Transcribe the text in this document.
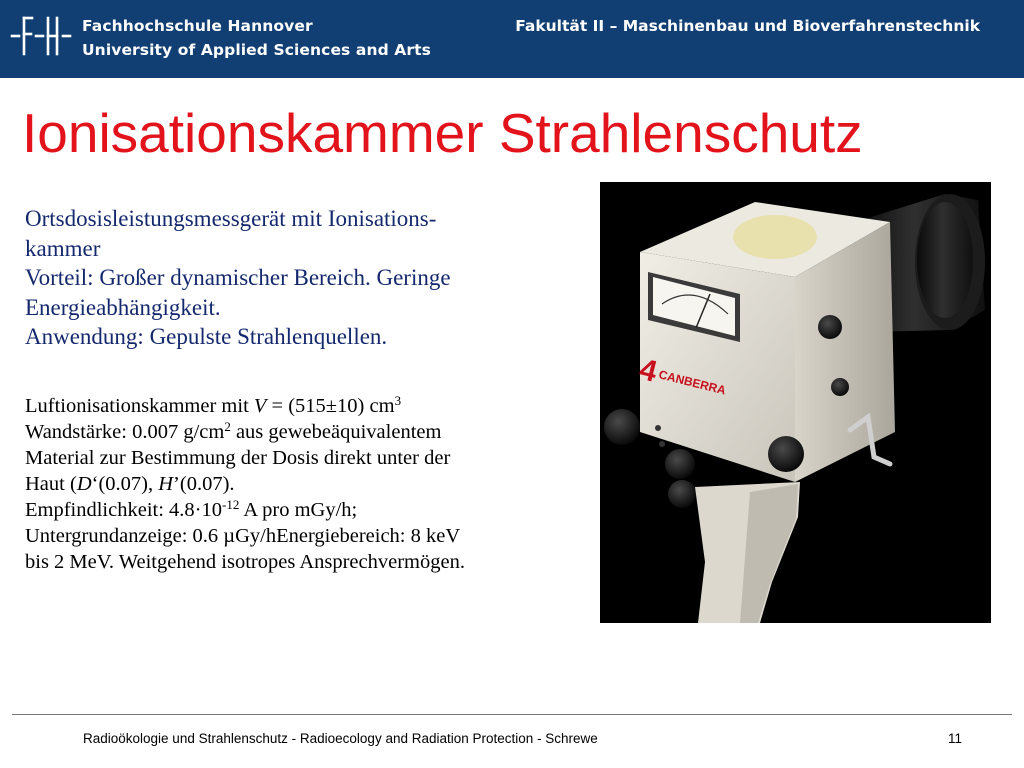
Fachhochschule Hannover
University of Applied Sciences and Arts
Fakultät II – Maschinenbau und Bioverfahrenstechnik
Ionisationskammer Strahlenschutz
Ortsdosisleistungsmessgerät mit Ionisations-
kammer
Vorteil: Großer dynamischer Bereich. Geringe
Energieabhängigkeit.
Anwendung: Gepulste Strahlenquellen.
Luftionisationskammer mit V = (515±10) $cm^3$
Wandstärke: 0.007 $g/cm^2$ aus gewebeäquivalentem
Material zur Bestimmung der Dosis direkt unter der
Haut (D‘(0.07), H’(0.07).
Empfindlichkeit: $4.8\cdot 10^{-12}$ A pro mGy/h;
Untergrundanzeige: 0.6 µGy/hEnergiebereich: 8 keV
bis 2 MeV. Weitgehend isotropes Ansprechvermögen.
4
CANBERRA
Radioökologie und Strahlenschutz - Radioecology and Radiation Protection - Schrewe	11
